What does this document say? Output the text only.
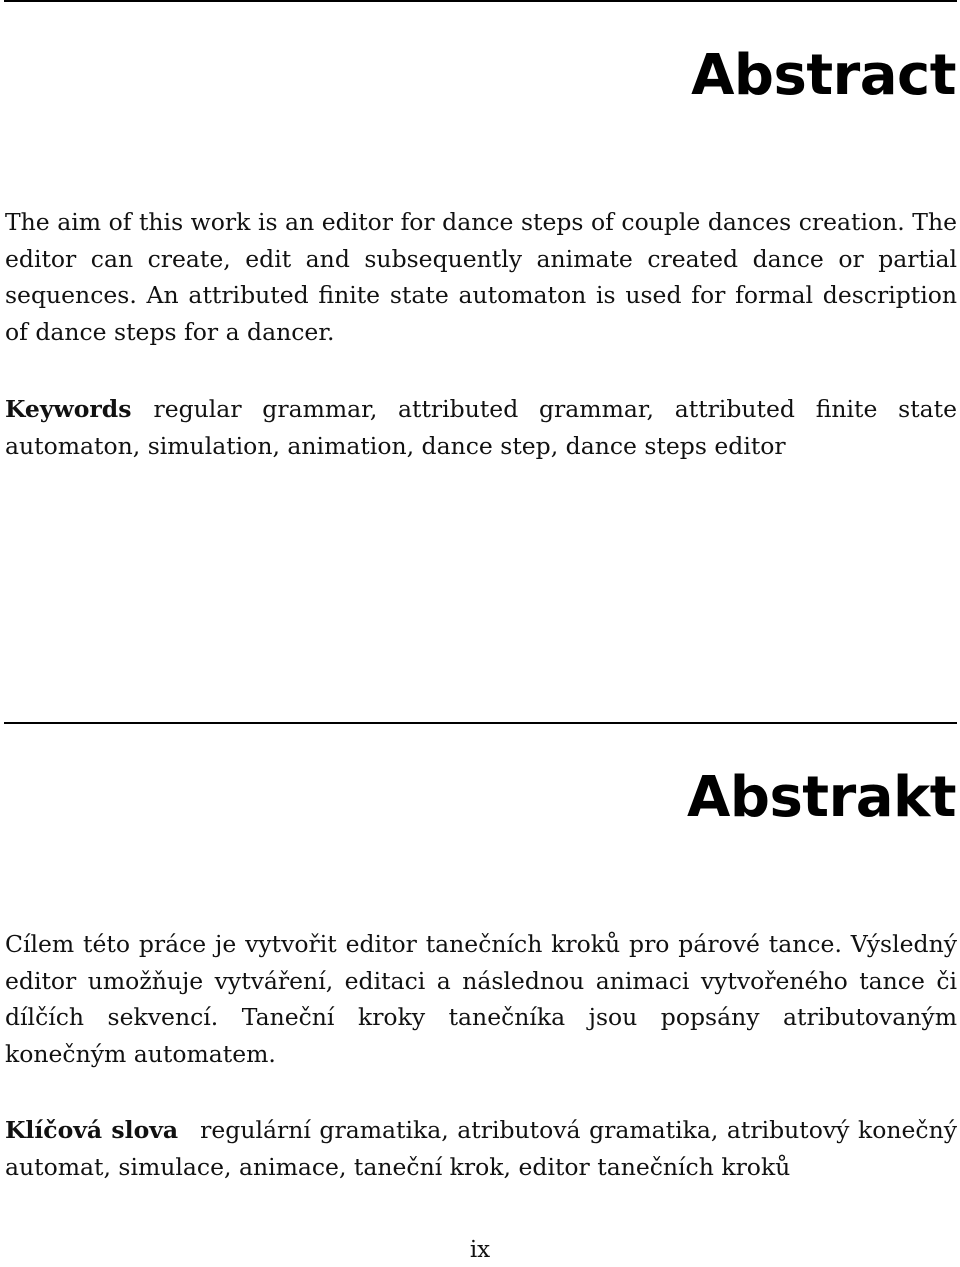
Abstract

The aim of this work is an editor for dance steps of couple dances creation. The editor can create, edit and subsequently animate created dance or partial sequences. An attributed finite state automaton is used for formal description of dance steps for a dancer.

Keywords regular grammar, attributed grammar, attributed finite state automaton, simulation, animation, dance step, dance steps editor

Abstrakt

Cílem této práce je vytvořit editor tanečních kroků pro párové tance. Výsledný editor umožňuje vytváření, editaci a následnou animaci vytvořeného tance či dílčích sekvencí. Taneční kroky tanečníka jsou popsány atributovaným konečným automatem.

Klíčová slova regulární gramatika, atributová gramatika, atributový konečný automat, simulace, animace, taneční krok, editor tanečních kroků

ix
